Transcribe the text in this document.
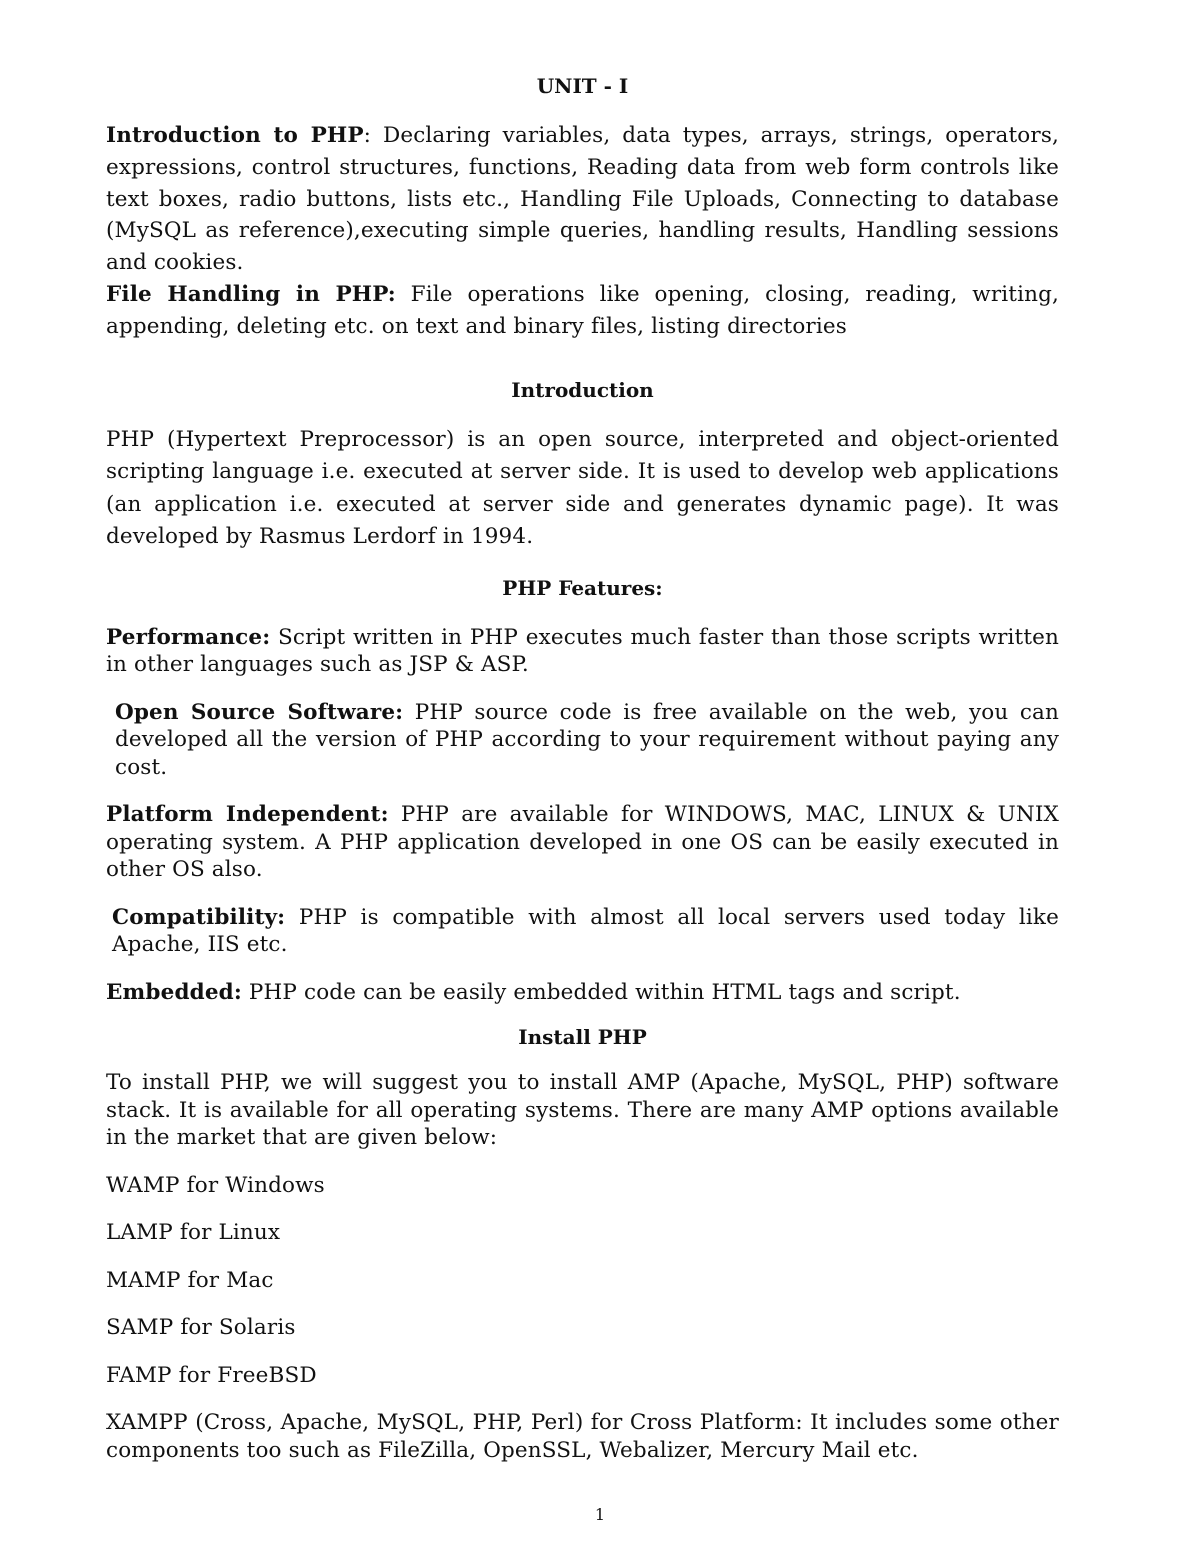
UNIT - I

Introduction to PHP: Declaring variables, data types, arrays, strings, operators, expressions, control structures, functions, Reading data from web form controls like text boxes, radio buttons, lists etc., Handling File Uploads, Connecting to database (MySQL as reference),executing simple queries, handling results, Handling sessions and cookies.

File Handling in PHP: File operations like opening, closing, reading, writing, appending, deleting etc. on text and binary files, listing directories

Introduction

PHP (Hypertext Preprocessor) is an open source, interpreted and object-oriented scripting language i.e. executed at server side. It is used to develop web applications (an application i.e. executed at server side and generates dynamic page). It was developed by Rasmus Lerdorf in 1994.

PHP Features:

Performance: Script written in PHP executes much faster than those scripts written in other languages such as JSP & ASP.

Open Source Software: PHP source code is free available on the web, you can developed all the version of PHP according to your requirement without paying any cost.

Platform Independent: PHP are available for WINDOWS, MAC, LINUX & UNIX operating system. A PHP application developed in one OS can be easily executed in other OS also.

Compatibility: PHP is compatible with almost all local servers used today like Apache, IIS etc.

Embedded: PHP code can be easily embedded within HTML tags and script.

Install PHP

To install PHP, we will suggest you to install AMP (Apache, MySQL, PHP) software stack. It is available for all operating systems. There are many AMP options available in the market that are given below:

WAMP for Windows

LAMP for Linux

MAMP for Mac

SAMP for Solaris

FAMP for FreeBSD

XAMPP (Cross, Apache, MySQL, PHP, Perl) for Cross Platform: It includes some other components too such as FileZilla, OpenSSL, Webalizer, Mercury Mail etc.

1
